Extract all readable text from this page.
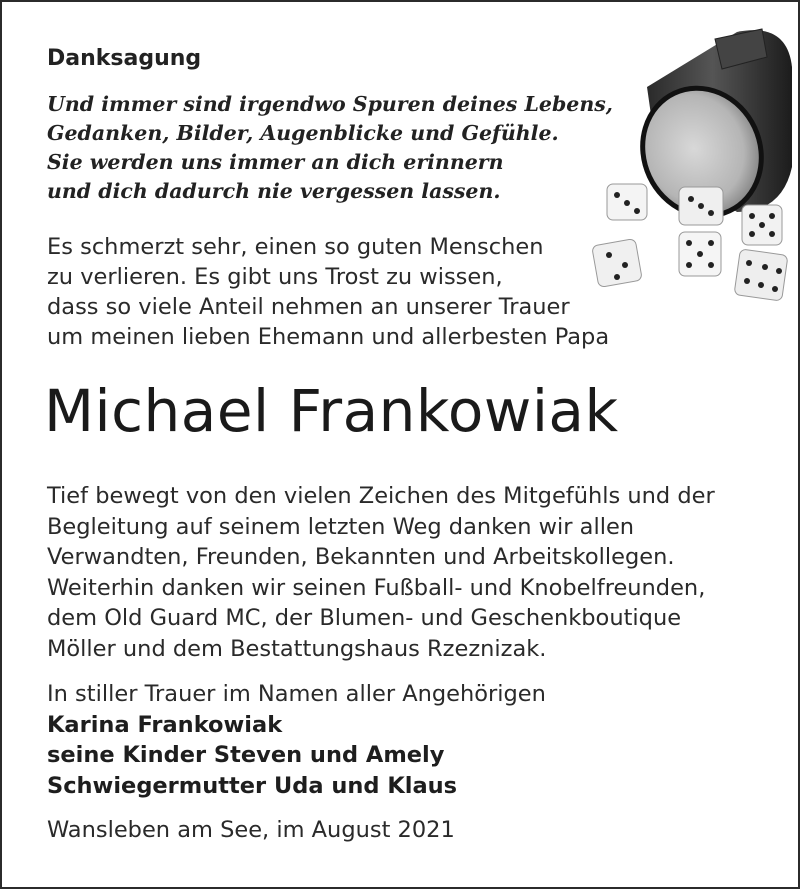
Danksagung
Und immer sind irgendwo Spuren deines Lebens,
Gedanken, Bilder, Augenblicke und Gefühle.
Sie werden uns immer an dich erinnern
und dich dadurch nie vergessen lassen.
Es schmerzt sehr, einen so guten Menschen
zu verlieren. Es gibt uns Trost zu wissen,
dass so viele Anteil nehmen an unserer Trauer
um meinen lieben Ehemann und allerbesten Papa
Michael Frankowiak
Tief bewegt von den vielen Zeichen des Mitgefühls und der
Begleitung auf seinem letzten Weg danken wir allen
Verwandten, Freunden, Bekannten und Arbeitskollegen.
Weiterhin danken wir seinen Fußball- und Knobelfreunden,
dem Old Guard MC, der Blumen- und Geschenkboutique
Möller und dem Bestattungshaus Rzeznizak.
In stiller Trauer im Namen aller Angehörigen
Karina Frankowiak
seine Kinder Steven und Amely
Schwiegermutter Uda und Klaus
Wansleben am See, im August 2021
